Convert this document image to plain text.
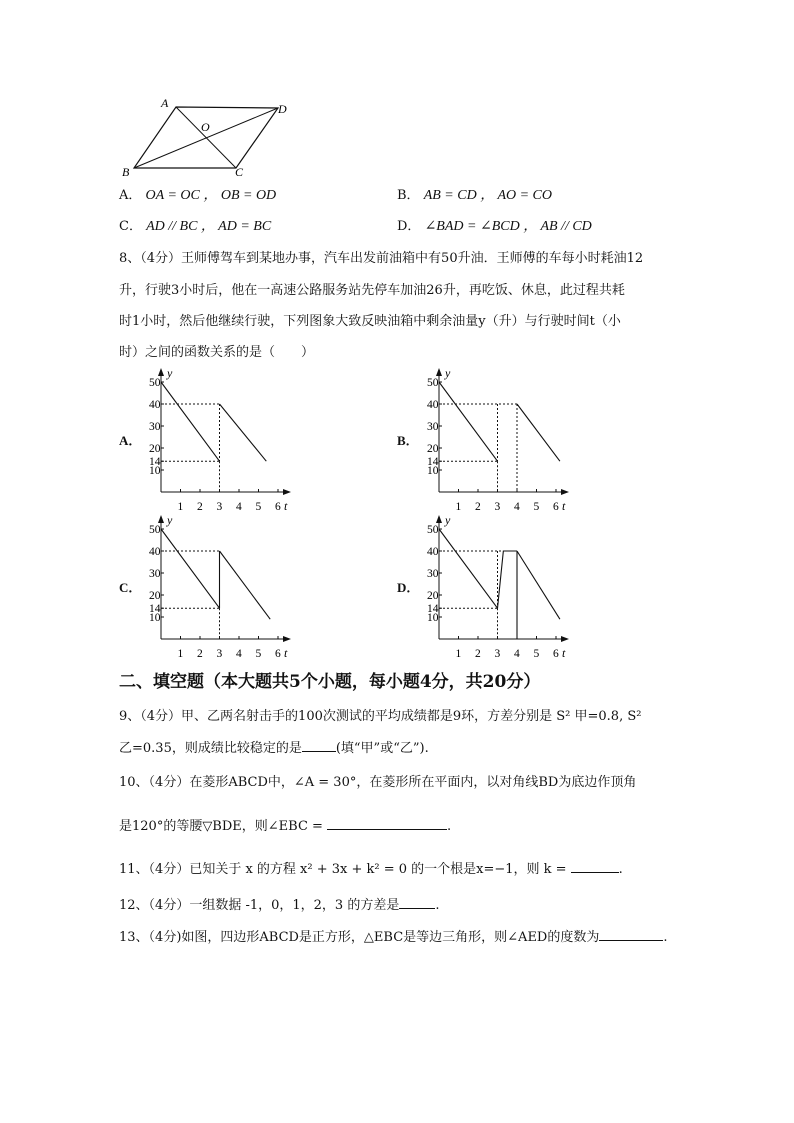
A	D
O
B	C
A． OA = OC ， OB = OD	B． AB = CD ， AO = CO
C． AD // BC ， AD = BC	D． ∠BAD = ∠BCD ， AB // CD
8、（4分）王师傅驾车到某地办事，汽车出发前油箱中有50升油．王师傅的车每小时耗油12
升，行驶3小时后，他在一高速公路服务站先停车加油26升，再吃饭、休息，此过程共耗
时1小时，然后他继续行驶，下列图象大致反映油箱中剩余油量y（升）与行驶时间t（小
时）之间的函数关系的是（　　）
A．
y
t
50
40
30
20
14
10
1 2 3 4 5 6
B．
y
t
50
40
30
20
14
10
1 2 3 4 5 6
C．
y
t
50
40
30
20
14
10
1 2 3 4 5 6
D．
y
t
50
40
30
20
14
10
1 2 3 4 5 6
二、填空题（本大题共5个小题，每小题4分，共20分）
9、（4分）甲、乙两名射击手的100次测试的平均成绩都是9环，方差分别是 S² 甲=0.8, S²
乙=0.35，则成绩比较稳定的是	(填“甲”或“乙”).
10、（4分）在菱形ABCD中，∠A = 30°，在菱形所在平面内，以对角线BD为底边作顶角
是120°的等腰▽BDE，则∠EBC =	.
11、（4分）已知关于 x 的方程 x² + 3x + k² = 0 的一个根是x=−1，则 k =	.
12、（4分）一组数据 -1，0，1，2，3 的方差是	.
13、（4分)如图，四边形ABCD是正方形，△EBC是等边三角形，则∠AED的度数为	.
